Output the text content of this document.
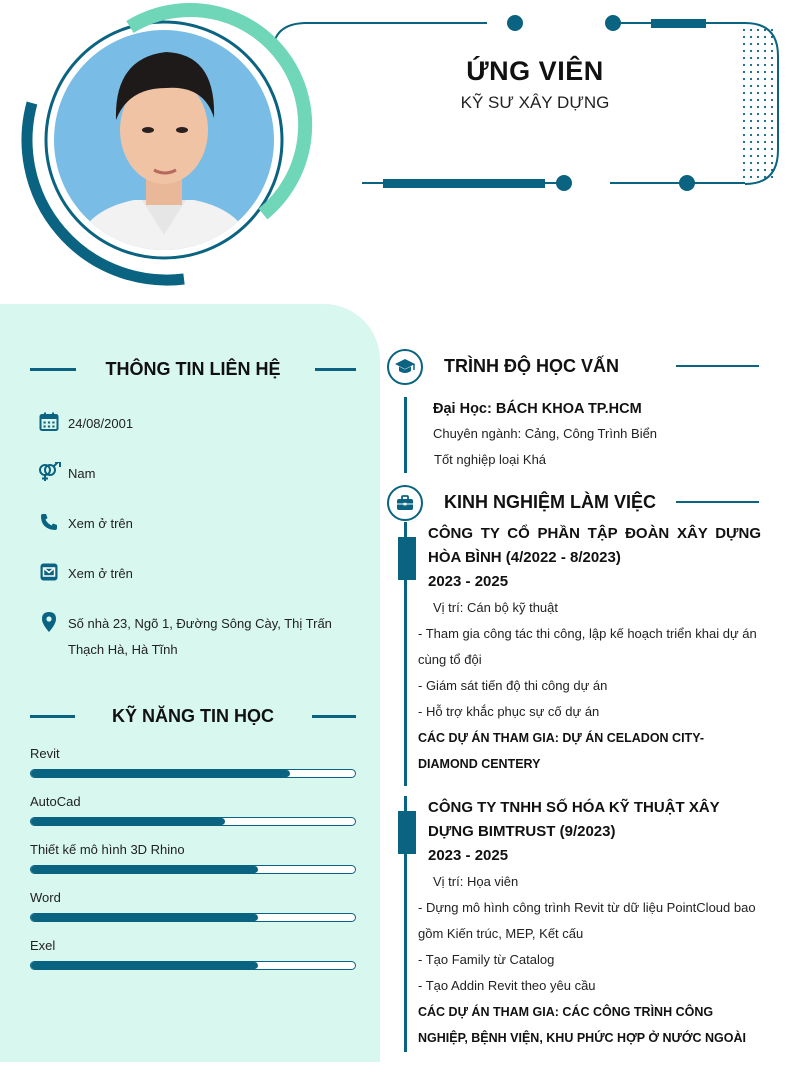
ỨNG VIÊN
KỸ SƯ XÂY DỰNG
THÔNG TIN LIÊN HỆ
24/08/2001
Nam
Xem ở trên
Xem ở trên
Số nhà 23, Ngõ 1, Đường Sông Cày, Thị Trấn Thạch Hà, Hà Tĩnh
KỸ NĂNG TIN HỌC
Revit
AutoCad
Thiết kế mô hình 3D Rhino
Word
Exel
TRÌNH ĐỘ HỌC VẤN
Đại Học: BÁCH KHOA TP.HCM
Chuyên ngành: Cảng, Công Trình Biển
Tốt nghiệp loại Khá
KINH NGHIỆM LÀM VIỆC
CÔNG TY CỔ PHẦN TẬP ĐOÀN XÂY DỰNG HÒA BÌNH (4/2022 - 8/2023)
2023 - 2025
Vị trí: Cán bộ kỹ thuật
- Tham gia công tác thi công, lập kế hoạch triển khai dự án cùng tổ đội
- Giám sát tiến độ thi công dự án
- Hỗ trợ khắc phục sự cố dự án
CÁC DỰ ÁN THAM GIA: DỰ ÁN CELADON CITY-DIAMOND CENTERY
CÔNG TY TNHH SỐ HÓA KỸ THUẬT XÂY DỰNG BIMTRUST (9/2023)
2023 - 2025
Vị trí: Họa viên
- Dựng mô hình công trình Revit từ dữ liệu PointCloud bao gồm Kiến trúc, MEP, Kết cấu
- Tạo Family từ Catalog
- Tạo Addin Revit theo yêu cầu
CÁC DỰ ÁN THAM GIA: CÁC CÔNG TRÌNH CÔNG NGHIỆP, BỆNH VIỆN, KHU PHỨC HỢP Ở NƯỚC NGOÀI
